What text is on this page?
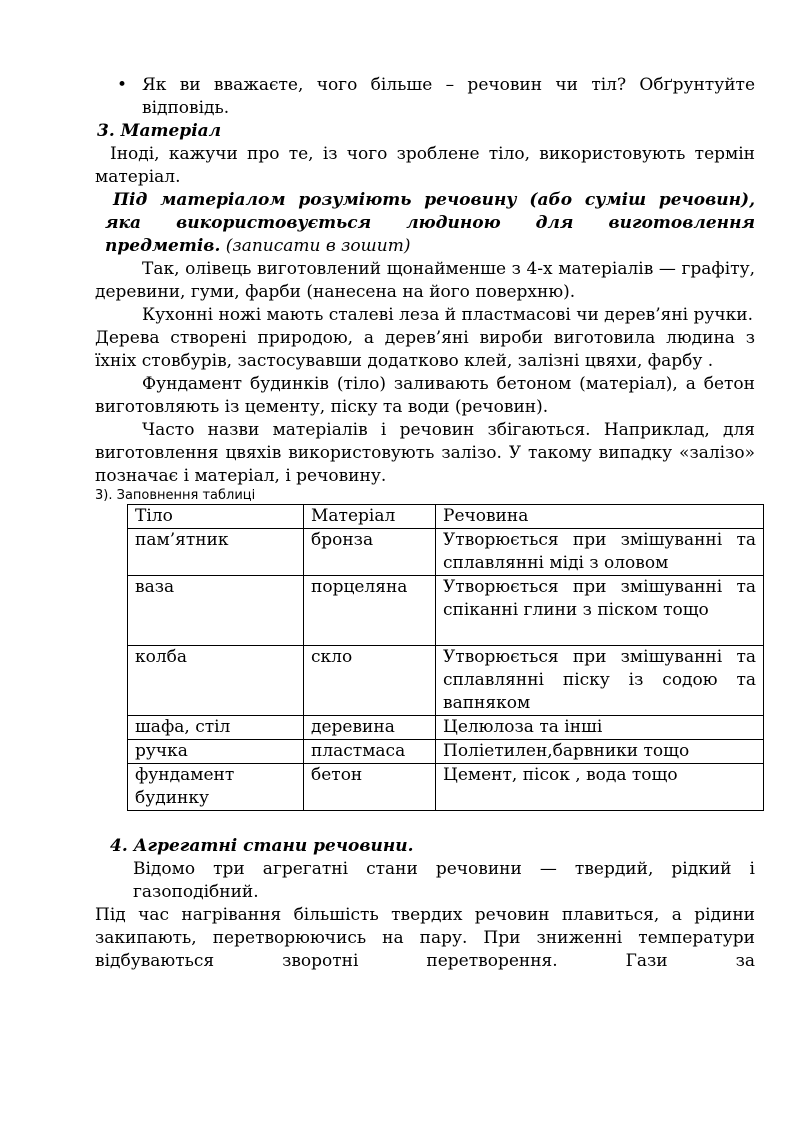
• Як ви вважаєте, чого більше – речовин чи тіл? Обґрунтуйте відповідь.

3. Матеріал

Іноді, кажучи про те, із чого зроблене тіло, використовують термін матеріал.

Під матеріалом розуміють речовину (або суміш речовин), яка використовується людиною для виготовлення предметів. (записати в зошит)

Так, олівець виготовлений щонайменше з 4-х матеріалів — графіту, деревини, гуми, фарби (нанесена на його поверхню).

Кухонні ножі мають сталеві леза й пластмасові чи дерев’яні ручки.

Дерева створені природою, а дерев’яні вироби виготовила людина з

їхніх стовбурів, застосувавши додатково клей, залізні цвяхи, фарбу .

Фундамент будинків (тіло) заливають бетоном (матеріал), а бетон виготовляють із цементу, піску та води (речовин).

Часто назви матеріалів і речовин збігаються. Наприклад, для виготовлення цвяхів використовують залізо. У такому випадку «залізо» позначає і матеріал, і речовину.

3). Заповнення таблиці

Тіло	Матеріал	Речовина
пам’ятник	бронза	Утворюється при змішуванні та сплавлянні міді з оловом
ваза	порцеляна	Утворюється при змішуванні та спіканні глини з піском тощо
колба	скло	Утворюється при змішуванні та сплавлянні піску із содою та вапняком
шафа, стіл	деревина	Целюлоза та інші
ручка	пластмаса	Поліетилен,барвники тощо
фундамент будинку	бетон	Цемент, пісок , вода тощо

4. Агрегатні стани речовини.

Відомо три агрегатні стани речовини — твердий, рідкий і газоподібний.

Під час нагрівання більшість твердих речовин плавиться, а рідини закипають, перетворюючись на пару. При зниженні температури відбуваються зворотні перетворення. Гази за
